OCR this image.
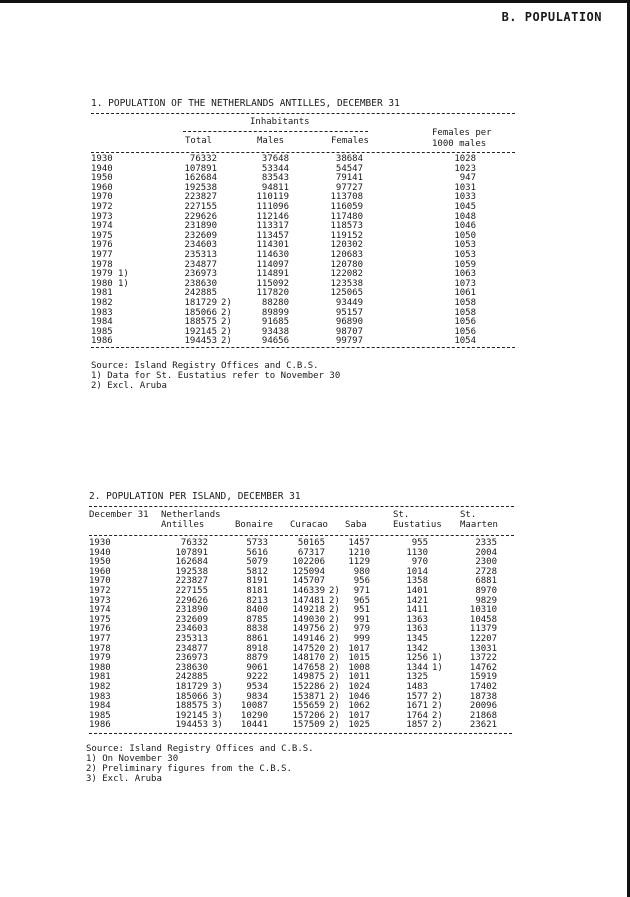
B. POPULATION
1. POPULATION OF THE NETHERLANDS ANTILLES, DECEMBER 31
Inhabitants
Total	Males	Females
Females per
1000 males
1930	76332	37648	38684	1028
1940	107891	53344	54547	1023
1950	162684	83543	79141	947
1960	192538	94811	97727	1031
1970	223827	110119	113708	1033
1972	227155	111096	116059	1045
1973	229626	112146	117480	1048
1974	231890	113317	118573	1046
1975	232609	113457	119152	1050
1976	234603	114301	120302	1053
1977	235313	114630	120683	1053
1978	234877	114097	120780	1059
1979 1)	236973	114891	122082	1063
1980 1)	238630	115092	123538	1073
1981	242885	117820	125065	1061
1982	181729 2)	88280	93449	1058
1983	185066 2)	89899	95157	1058
1984	188575 2)	91685	96890	1056
1985	192145 2)	93438	98707	1056
1986	194453 2)	94656	99797	1054
Source: Island Registry Offices and C.B.S.
1) Data for St. Eustatius refer to November 30
2) Excl. Aruba
2. POPULATION PER ISLAND, DECEMBER 31
December 31 Netherlands
Antilles	Bonaire Curacao Saba
St.
Eustatius
St.
Maarten
1930	76332	5733	50165	1457	955	2335
1940	107891	5616	67317	1210	1130	2004
1950	162684	5079	102206	1129	970	2300
1960	192538	5812	125094	980	1014	2728
1970	223827	8191	145707	956	1358	6881
1972	227155	8181	146339 2) 971	1401	8970
1973	229626	8213	147481 2) 965	1421	9829
1974	231890	8400	149218 2) 951	1411	10310
1975	232609	8785	149030 2) 991	1363	10458
1976	234603	8838	149756 2) 979	1363	11379
1977	235313	8861	149146 2) 999	1345	12207
1978	234877	8918	147520 2) 1017	1342	13031
1979	236973	8879	148170 2) 1015	1256 1)	13722
1980	238630	9061	147658 2) 1008	1344 1)	14762
1981	242885	9222	149875 2) 1011	1325	15919
1982	181729 3)	9534	152286 2) 1024	1483	17402
1983	185066 3)	9834	153871 2) 1046	1577 2)	18738
1984	188575 3) 10087	155659 2) 1062	1671 2)	20096
1985	192145 3) 10290	157206 2) 1017	1764 2)	21868
1986	194453 3) 10441	157509 2) 1025	1857 2)	23621
Source: Island Registry Offices and C.B.S.
1) On November 30
2) Preliminary figures from the C.B.S.
3) Excl. Aruba
